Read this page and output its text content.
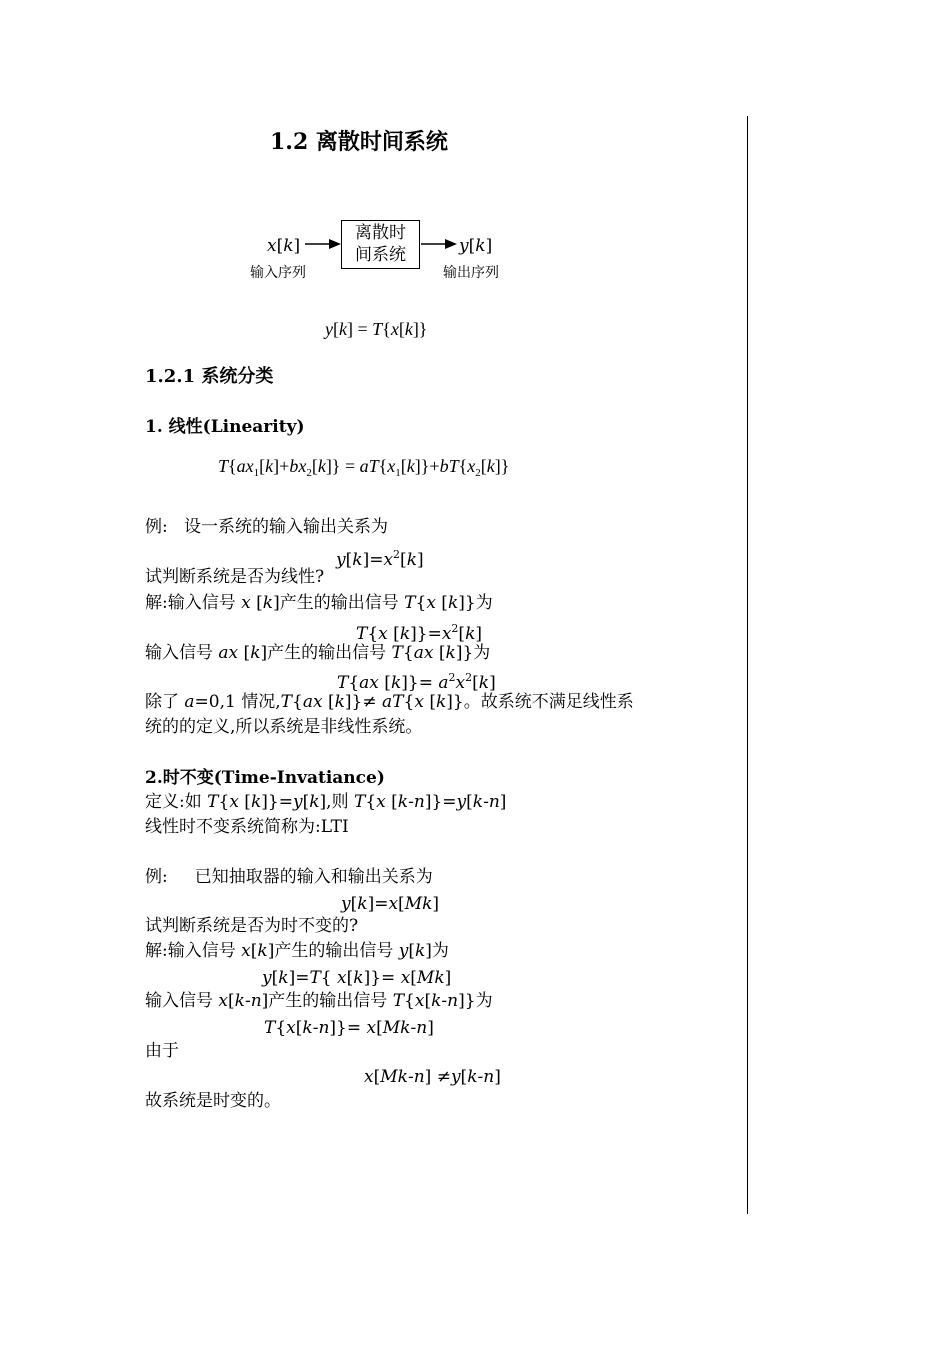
1.2 离散时间系统
x[k]
离散时
间系统	y[k]
输入序列	输出序列
y[k] = T{x[k]}
1.2.1 系统分类
1. 线性(Linearity)
$T\{ax_1[k]+bx_2[k]\} = aT\{x_1[k]\}+bT\{x_2[k]\}$
例:   设一系统的输入输出关系为
$y[k]=x^2[k]$
试判断系统是否为线性?
解:输入信号 x [k]产生的输出信号 T{x [k]}为
T{x $[k]\}=x^2[k]$
输入信号 ax [k]产生的输出信号 T{ax [k]}为
T{ax $[k]\}= a^2x^2[k]$
除了 a=0,1 情况,T{ax [k]}≠ aT{x [k]}。故系统不满足线性系
统的的定义,所以系统是非线性系统。
2.时不变(Time-Invatiance)
定义:如 T{x [k]}=y[k],则 T{x [k-n]}=y[k-n]
线性时不变系统简称为:LTI
例:     已知抽取器的输入和输出关系为
y[k]=x[Mk]
试判断系统是否为时不变的?
解:输入信号 x[k]产生的输出信号 y[k]为
y[k]=T{ x[k]}= x[Mk]
输入信号 x[k-n]产生的输出信号 T{x[k-n]}为
T{x[k-n]}= x[Mk-n]
由于
x[Mk-n] ≠y[k-n]
故系统是时变的。
